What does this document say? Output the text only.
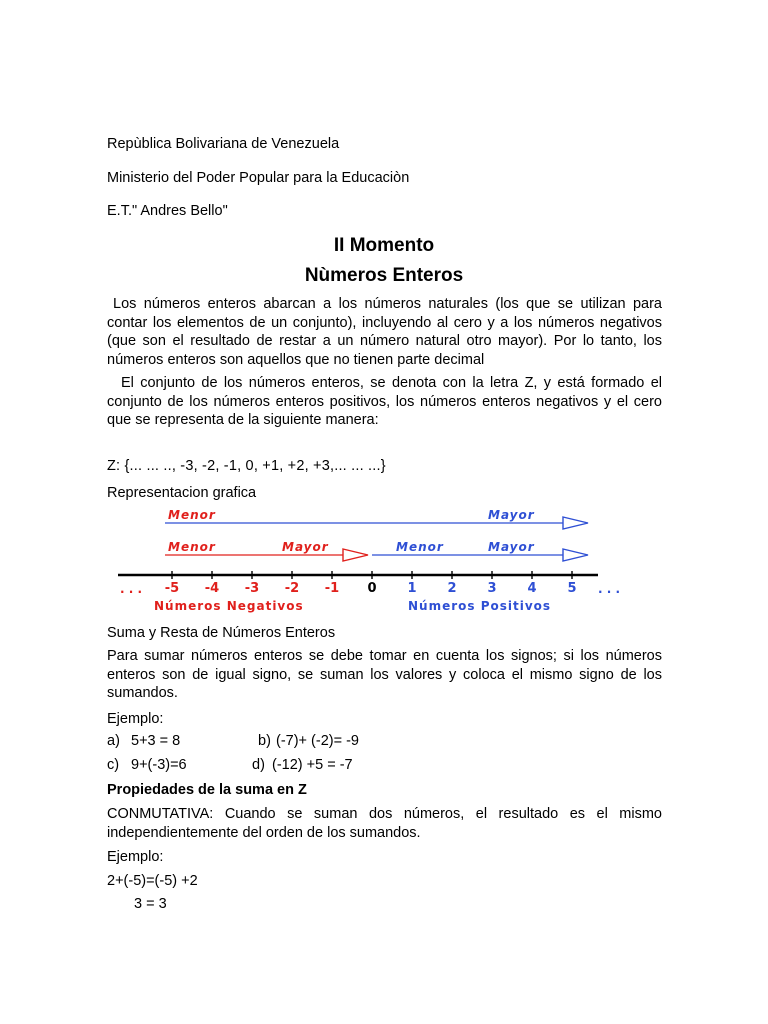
Repùblica Bolivariana de Venezuela
Ministerio del Poder Popular para la Educaciòn
E.T." Andres Bello"
II Momento
Nùmeros Enteros
Los números enteros abarcan a los números naturales (los que se utilizan para contar los elementos de un conjunto), incluyendo al cero y a los números negativos (que son el resultado de restar a un número natural otro mayor). Por lo tanto, los números enteros son aquellos que no tienen parte decimal
El conjunto de los números enteros, se denota con la letra Z, y está formado el conjunto de los números enteros positivos, los números enteros negativos y el cero que se representa de la siguiente manera:
Z: {... ... .., -3, -2, -1, 0, +1, +2, +3,... ... ...}
Representacion grafica
Menor	Mayor
Menor	Mayor	Menor	Mayor
-5 -4 -3 -2 -1 0 1 2 3 4 5
. . .	. . .
Números Negativos	Números Positivos
Suma y Resta de Números Enteros
Para sumar números enteros se debe tomar en cuenta los signos; si los números enteros son de igual signo, se suman los valores y coloca el mismo signo de los sumandos.
Ejemplo:
a) 5+3 = 8	b) (-7)+ (-2)= -9
c) 9+(-3)=6	d) (-12) +5 = -7
Propiedades de la suma en Z
CONMUTATIVA: Cuando se suman dos números, el resultado es el mismo independientemente del orden de los sumandos.
Ejemplo:
2+(-5)=(-5) +2
3 = 3
